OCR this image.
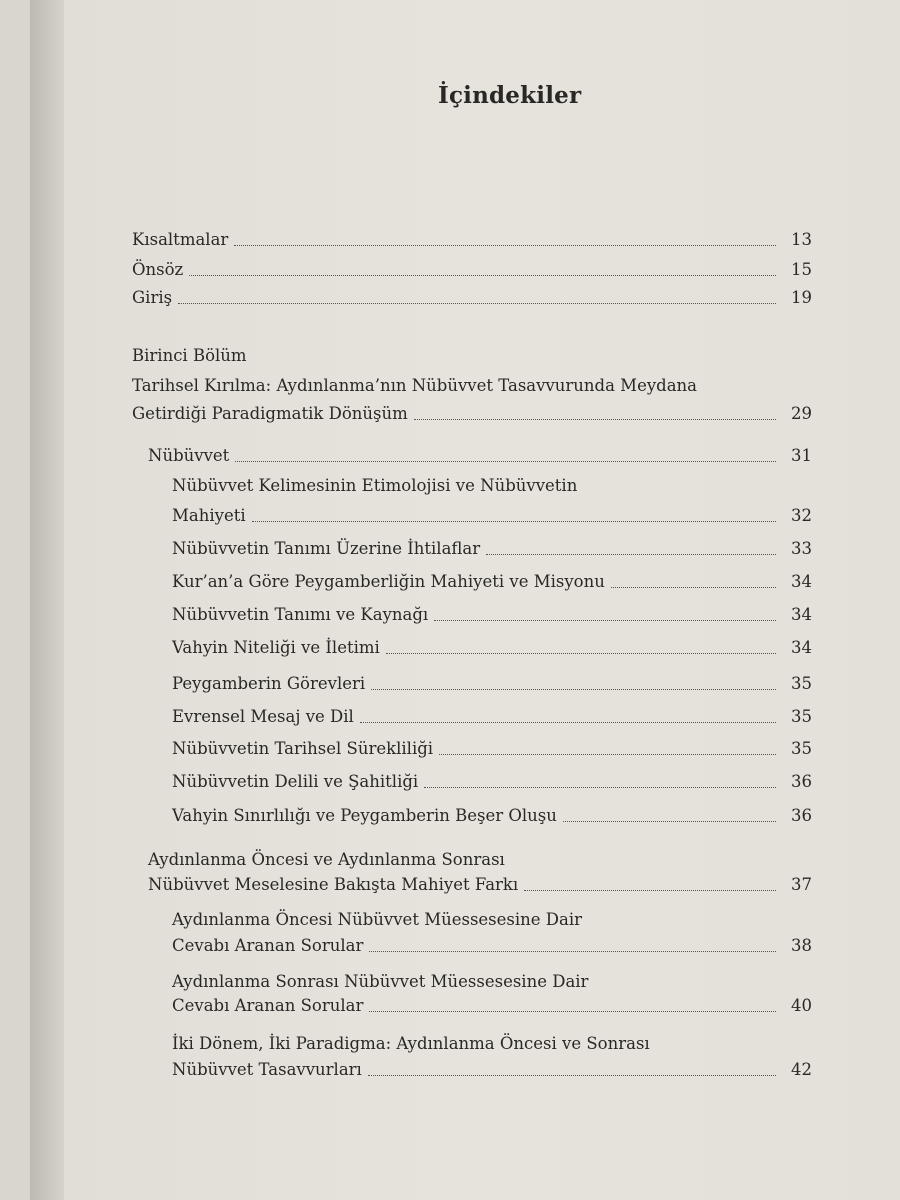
İçindekiler
Kısaltmalar	13
Önsöz	15
Giriş	19
Birinci Bölüm
Tarihsel Kırılma: Aydınlanma’nın Nübüvvet Tasavvurunda Meydana
Getirdiği Paradigmatik Dönüşüm	29
Nübüvvet	31
Nübüvvet Kelimesinin Etimolojisi ve Nübüvvetin
Mahiyeti	32
Nübüvvetin Tanımı Üzerine İhtilaflar	33
Kur’an’a Göre Peygamberliğin Mahiyeti ve Misyonu	34
Nübüvvetin Tanımı ve Kaynağı	34
Vahyin Niteliği ve İletimi	34
Peygamberin Görevleri	35
Evrensel Mesaj ve Dil	35
Nübüvvetin Tarihsel Sürekliliği	35
Nübüvvetin Delili ve Şahitliği	36
Vahyin Sınırlılığı ve Peygamberin Beşer Oluşu	36
Aydınlanma Öncesi ve Aydınlanma Sonrası
Nübüvvet Meselesine Bakışta Mahiyet Farkı	37
Aydınlanma Öncesi Nübüvvet Müessesesine Dair
Cevabı Aranan Sorular	38
Aydınlanma Sonrası Nübüvvet Müessesesine Dair
Cevabı Aranan Sorular	40
İki Dönem, İki Paradigma: Aydınlanma Öncesi ve Sonrası
Nübüvvet Tasavvurları	42
